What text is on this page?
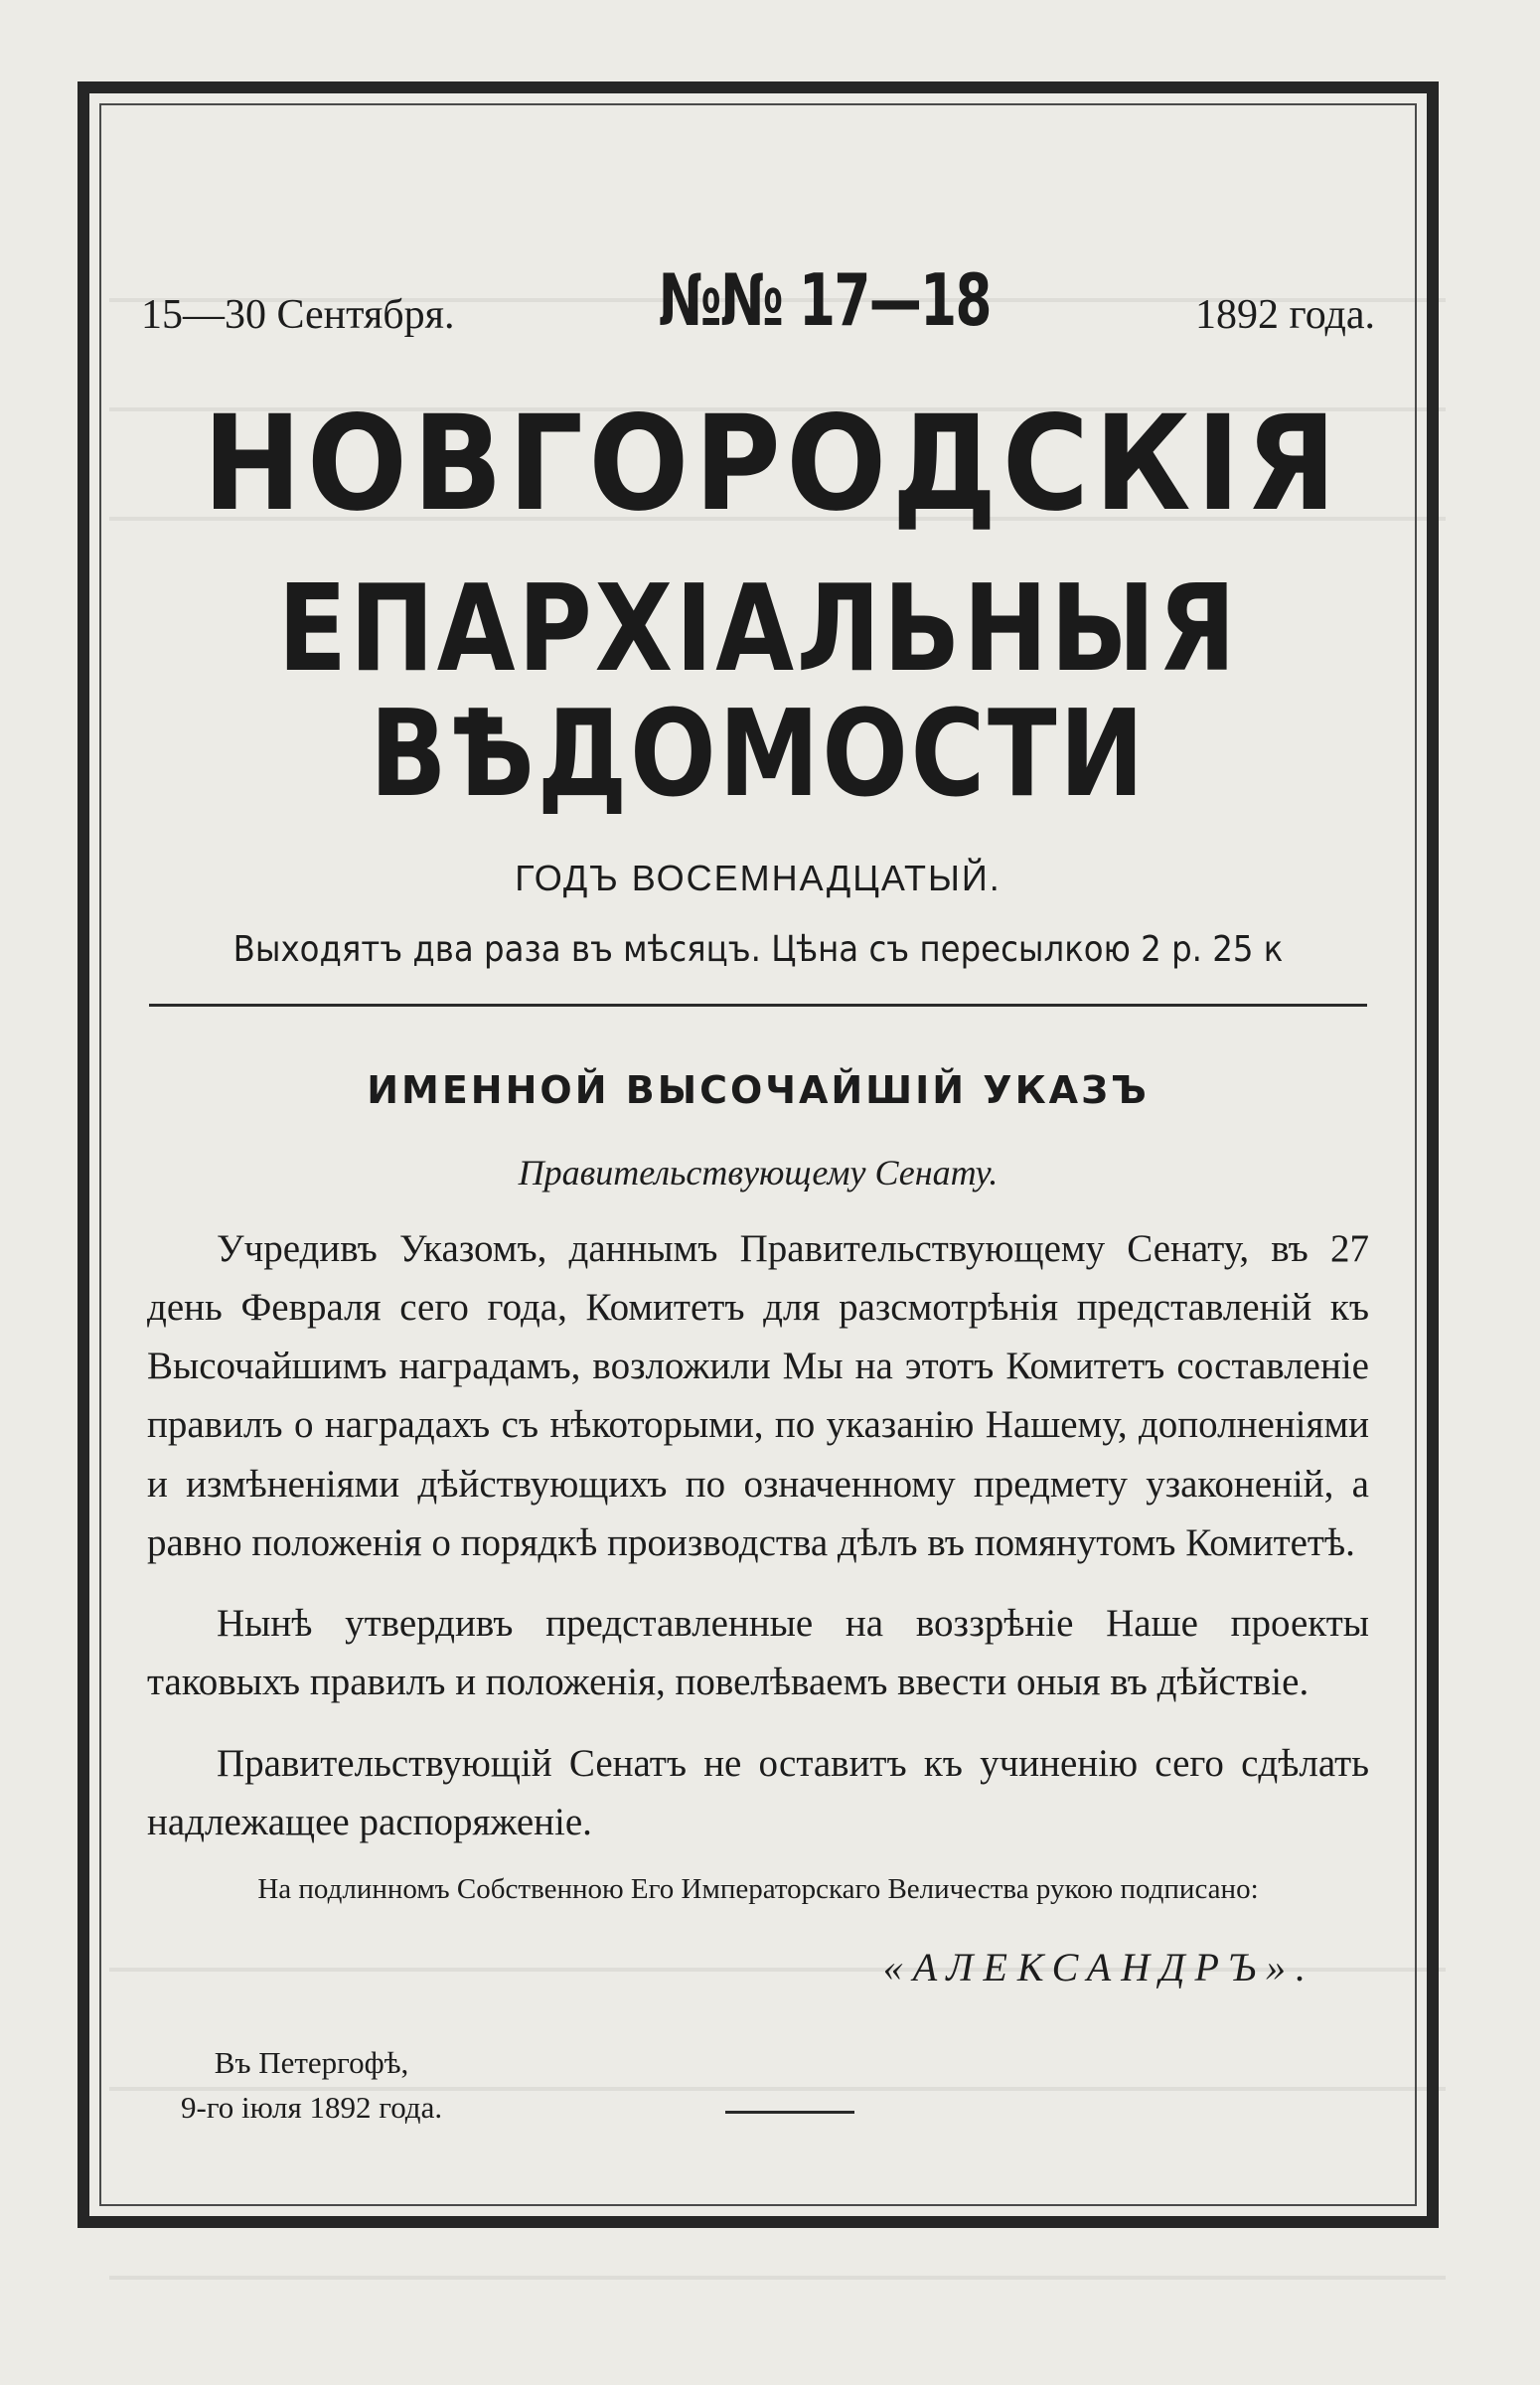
15—30 Сентября.	№№ 17—18	1892 года.
НОВГОРОДСКІЯ
ЕПАРХІАЛЬНЫЯ ВѢДОМОСТИ
ГОДЪ ВОСЕМНАДЦАТЫЙ.
Выходятъ два раза въ мѣсяцъ. Цѣна съ пересылкою 2 р. 25 к
ИМЕННОЙ ВЫСОЧАЙШІЙ УКАЗЪ
Правительствующему Сенату.

Учредивъ Указомъ, даннымъ Правительствующему Сенату, въ 27 день Февраля сего года, Комитетъ для разсмотрѣнія представленій къ Высочайшимъ наградамъ, возложили Мы на этотъ Комитетъ составленіе правилъ о наградахъ съ нѣкоторыми, по указанію Нашему, дополненіями и измѣненіями дѣйствующихъ по означенному предмету узаконеній, а равно положенія о порядкѣ производства дѣлъ въ помянутомъ Комитетѣ.

Нынѣ утвердивъ представленные на воззрѣніе Наше проекты таковыхъ правилъ и положенія, повелѣваемъ ввести оныя въ дѣйствіе.

Правительствующій Сенатъ не оставитъ къ учиненію сего сдѣлать надлежащее распоряженіе.

На подлинномъ Собственною Его Императорскаго Величества рукою подписано:
«АЛЕКСАНДРЪ».
Въ Петергофѣ,
9-го іюля 1892 года.
